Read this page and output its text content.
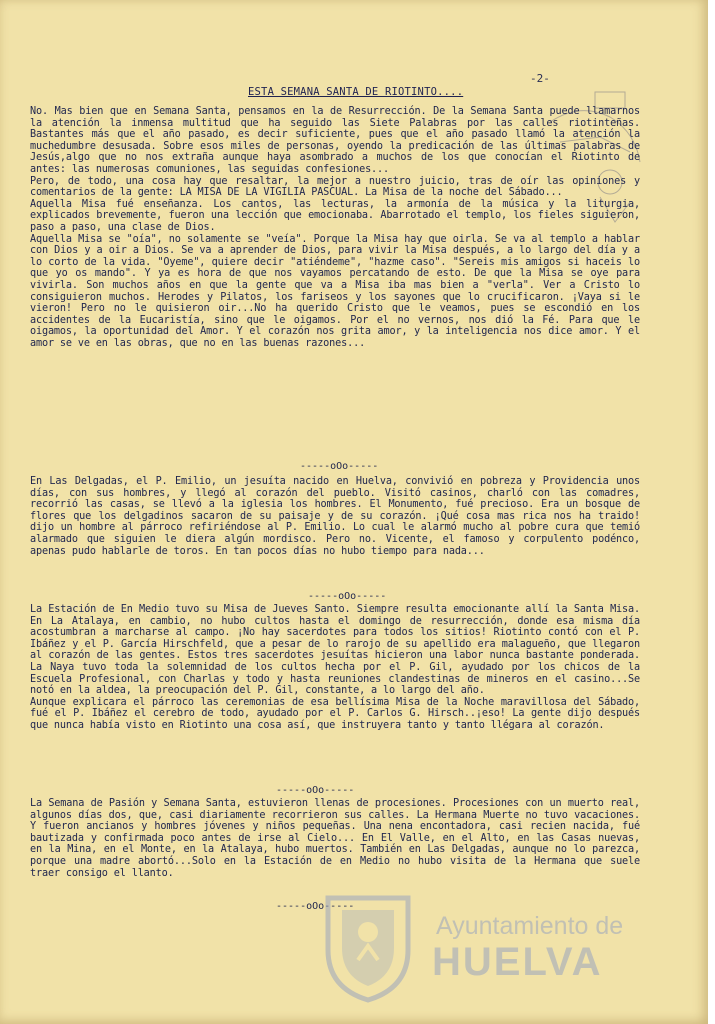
-2-
ESTA SEMANA SANTA DE RIOTINTO....

No. Mas bien que en Semana Santa, pensamos en la de Resurrección. De la Semana Santa puede llamarnos la atención la inmensa multitud que ha seguido las Siete Palabras por las calles riotinteñas. Bastantes más que el año pasado, es decir suficiente, pues que el año pasado llamó la atención la muchedumbre desusada. Sobre esos miles de personas, oyendo la predicación de las últimas palabras de Jesús,algo que no nos extraña aunque haya asombrado a muchos de los que conocían el Riotinto de antes: las numerosas comuniones, las seguidas confesiones...

Pero, de todo, una cosa hay que resaltar, la mejor a nuestro juicio, tras de oír las opiniones y comentarios de la gente: LA MISA DE LA VIGILIA PASCUAL. La Misa de la noche del Sábado...

Aquella Misa fué enseñanza. Los cantos, las lecturas, la armonía de la música y la liturgia, explicados brevemente, fueron una lección que emocionaba. Abarrotado el templo, los fieles siguieron, paso a paso, una clase de Dios.

Aquella Misa se "oía", no solamente se "veía". Porque la Misa hay que oirla. Se va al templo a hablar con Dios y a oir a Dios. Se va a aprender de Dios, para vivir la Misa después, a lo largo del día y a lo corto de la vida. "Oyeme", quiere decir "atiéndeme", "hazme caso". "Sereis mis amigos si haceis lo que yo os mando". Y ya es hora de que nos vayamos percatando de esto. De que la Misa se oye para vivirla. Son muchos años en que la gente que va a Misa iba mas bien a "verla". Ver a Cristo lo consiguieron muchos. Herodes y Pilatos, los fariseos y los sayones que lo crucificaron. ¡Vaya si le vieron! Pero no le quisieron oir...No ha querido Cristo que le veamos, pues se escondió en los accidentes de la Eucaristía, sino que le oigamos. Por el no vernos, nos dió la Fé. Para que le oigamos, la oportunidad del Amor. Y el corazón nos grita amor, y la inteligencia nos dice amor. Y el amor se ve en las obras, que no en las buenas razones...

-----oOo-----

En Las Delgadas, el P. Emilio, un jesuíta nacido en Huelva, convivió en pobreza y Providencia unos días, con sus hombres, y llegó al corazón del pueblo. Visitó casinos, charló con las comadres, recorrió las casas, se llevó a la iglesia los hombres. El Monumento, fué precioso. Era un bosque de flores que los delgadinos sacaron de su paisaje y de su corazón. ¡Qué cosa mas rica nos ha traido! dijo un hombre al párroco refiriéndose al P. Emilio. Lo cual le alarmó mucho al pobre cura que temió alarmado que siguien le diera algún mordisco. Pero no. Vicente, el famoso y corpulento podénco, apenas pudo hablarle de toros. En tan pocos días no hubo tiempo para nada...

-----oOo-----

La Estación de En Medio tuvo su Misa de Jueves Santo. Siempre resulta emocionante allí la Santa Misa. En La Atalaya, en cambio, no hubo cultos hasta el domingo de resurrección, donde esa misma día acostumbran a marcharse al campo. ¡No hay sacerdotes para todos los sitios! Riotinto contó con el P. Ibáñez y el P. García Hirschfeld, que a pesar de lo rarojo de su apellido era malagueño, que llegaron al corazón de las gentes. Estos tres sacerdotes jesuítas hicieron una labor nunca bastante ponderada. La Naya tuvo toda la solemnidad de los cultos hecha por el P. Gil, ayudado por los chicos de la Escuela Profesional, con Charlas y todo y hasta reuniones clandestinas de mineros en el casino...Se notó en la aldea, la preocupación del P. Gil, constante, a lo largo del año.

Aunque explicara el párroco las ceremonias de esa bellísima Misa de la Noche maravillosa del Sábado, fué el P. Ibáñez el cerebro de todo, ayudado por el P. Carlos G. Hirsch..¡eso! La gente dijo después que nunca había visto en Riotinto una cosa así, que instruyera tanto y tanto llégara al corazón.

-----oOo-----

La Semana de Pasión y Semana Santa, estuvieron llenas de procesiones. Procesiones con un muerto real, algunos días dos, que, casi diariamente recorrieron sus calles. La Hermana Muerte no tuvo vacaciones. Y fueron ancianos y hombres jóvenes y niños pequeñas. Una nena encontadora, casi recien nacida, fué bautizada y confirmada poco antes de irse al Cielo... En El Valle, en el Alto, en las Casas nuevas, en la Mina, en el Monte, en la Atalaya, hubo muertos. También en Las Delgadas, aunque no lo parezca, porque una madre abortó...Solo en la Estación de en Medio no hubo visita de la Hermana que suele traer consigo el llanto.

-----oOo-----
Ayuntamiento de
HUELVA
